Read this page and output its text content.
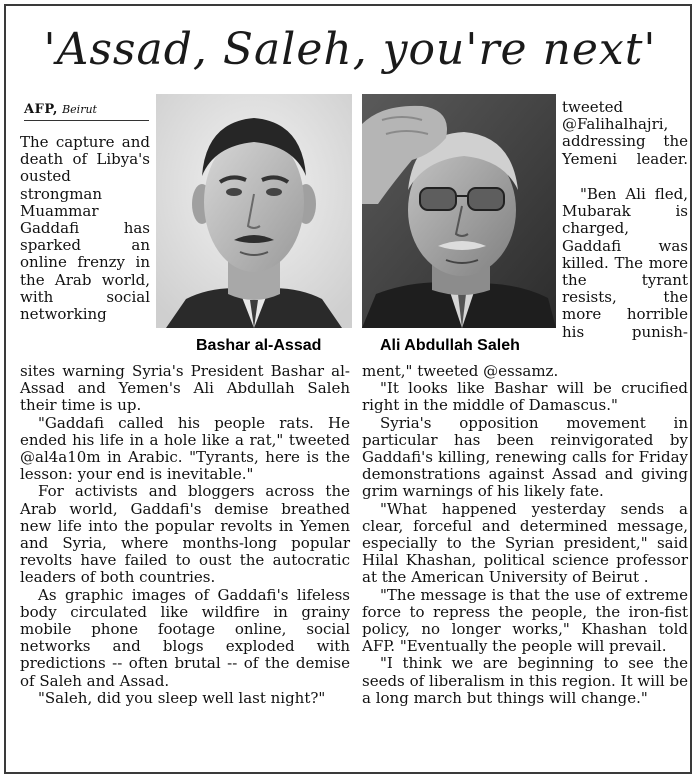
'Assad, Saleh, you're next'
AFP, Beirut

The capture and death of Libya's ousted strongman Muammar Gaddafi has sparked an online frenzy in the Arab world, with social networking

Bashar al-Assad	Ali Abdullah Saleh

tweeted @Falihalhajri, addressing the Yemeni leader.

"Ben Ali fled, Mubarak is charged, Gaddafi was killed. The more the tyrant resists, the more horrible his punish-

sites warning Syria's President Bashar al-Assad and Yemen's Ali Abdullah Saleh their time is up.

"Gaddafi called his people rats. He ended his life in a hole like a rat," tweeted @al4a10m in Arabic. "Tyrants, here is the lesson: your end is inevitable."

For activists and bloggers across the Arab world, Gaddafi's demise breathed new life into the popular revolts in Yemen and Syria, where months-long popular revolts have failed to oust the autocratic leaders of both countries.

As graphic images of Gaddafi's lifeless body circulated like wildfire in grainy mobile phone footage online, social networks and blogs exploded with predictions -- often brutal -- of the demise of Saleh and Assad.

"Saleh, did you sleep well last night?"

ment," tweeted @essamz.

"It looks like Bashar will be crucified right in the middle of Damascus."

Syria's opposition movement in particular has been reinvigorated by Gaddafi's killing, renewing calls for Friday demonstrations against Assad and giving grim warnings of his likely fate.

"What happened yesterday sends a clear, forceful and determined message, especially to the Syrian president," said Hilal Khashan, political science professor at the American University of Beirut .

"The message is that the use of extreme force to repress the people, the iron-fist policy, no longer works," Khashan told AFP. "Eventually the people will prevail.

"I think we are beginning to see the seeds of liberalism in this region. It will be a long march but things will change."
